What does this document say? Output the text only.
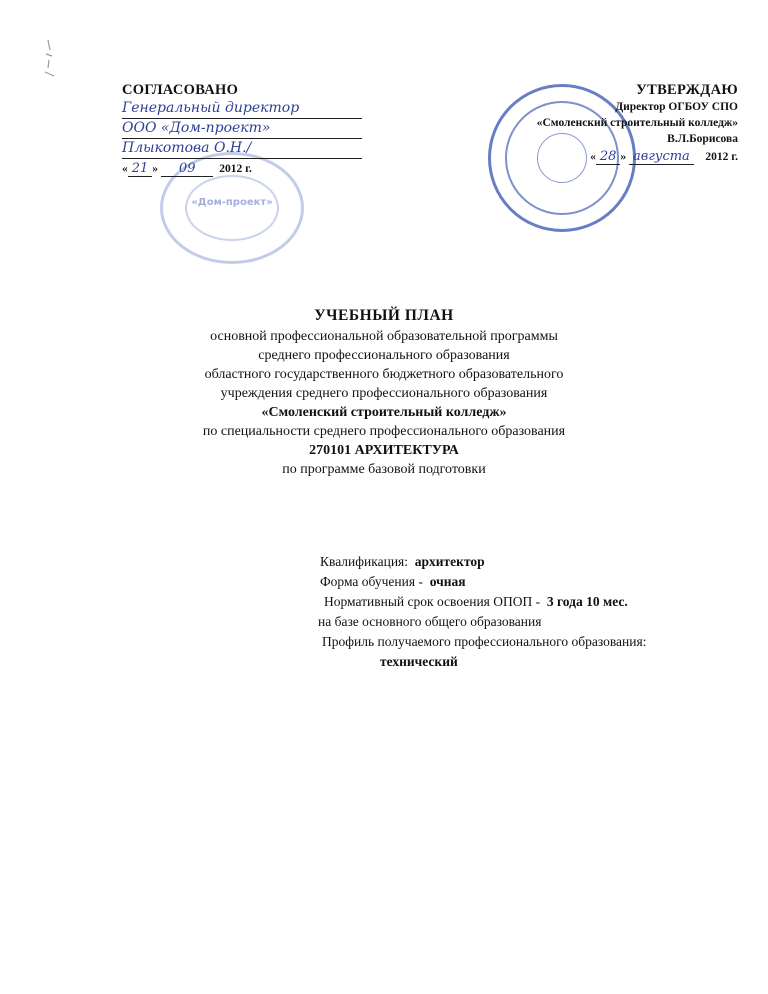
«Дом-проект»
СОГЛАСОВАНО
Генеральный директор
ООО «Дом-проект»
Плыкотова О.Н./
« 21 » 09 2012 г.
УТВЕРЖДАЮ
Директор ОГБОУ СПО
«Смоленский строительный колледж»
В.Л.Борисова
« 28 » августа 2012 г.
УЧЕБНЫЙ ПЛАН
основной профессиональной образовательной программы
среднего профессионального образования
областного государственного бюджетного образовательного
учреждения среднего профессионального образования
«Смоленский строительный колледж»
по специальности среднего профессионального образования
270101 АРХИТЕКТУРА
по программе базовой подготовки
Квалификация: архитектор
Форма обучения - очная
Нормативный срок освоения ОПОП - 3 года 10 мес.
на базе основного общего образования
Профиль получаемого профессионального образования:
технический
